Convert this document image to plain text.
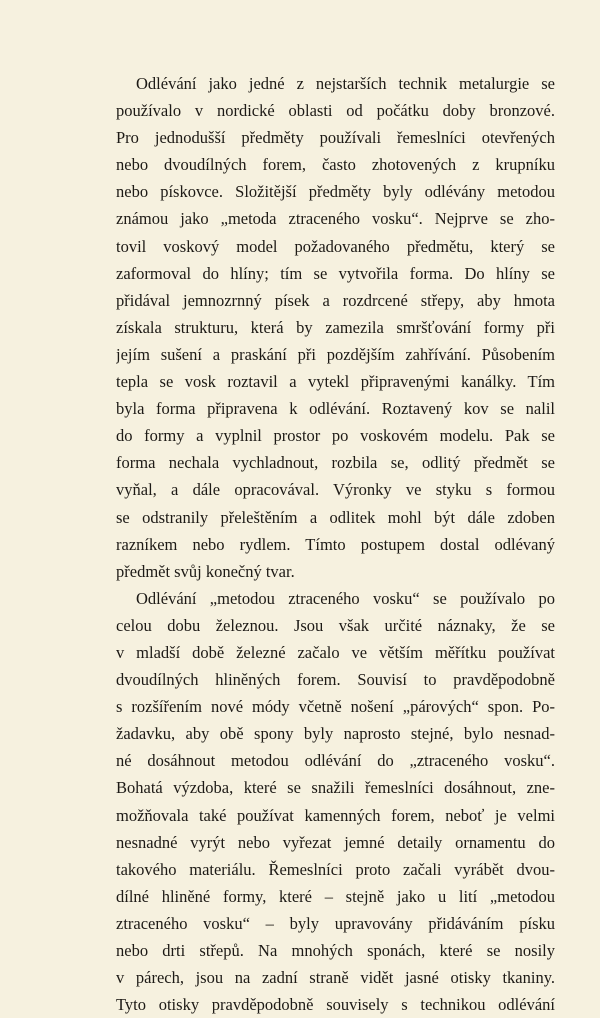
Odlévání jako jedné z nejstarších technik metalurgie se
používalo v nordické oblasti od počátku doby bronzové.
Pro jednodušší předměty používali řemeslníci otevřených
nebo dvoudílných forem, často zhotovených z krupníku
nebo pískovce. Složitější předměty byly odlévány metodou
známou jako „metoda ztraceného vosku“. Nejprve se zho-
tovil voskový model požadovaného předmětu, který se
zaformoval do hlíny; tím se vytvořila forma. Do hlíny se
přidával jemnozrnný písek a rozdrcené střepy, aby hmota
získala strukturu, která by zamezila smršťování formy při
jejím sušení a praskání při pozdějším zahřívání. Působením
tepla se vosk roztavil a vytekl připravenými kanálky. Tím
byla forma připravena k odlévání. Roztavený kov se nalil
do formy a vyplnil prostor po voskovém modelu. Pak se
forma nechala vychladnout, rozbila se, odlitý předmět se
vyňal, a dále opracovával. Výronky ve styku s formou
se odstranily přeleštěním a odlitek mohl být dále zdoben
razníkem nebo rydlem. Tímto postupem dostal odlévaný
předmět svůj konečný tvar.
Odlévání „metodou ztraceného vosku“ se používalo po
celou dobu železnou. Jsou však určité náznaky, že se
v mladší době železné začalo ve větším měřítku používat
dvoudílných hliněných forem. Souvisí to pravděpodobně
s rozšířením nové módy včetně nošení „párových“ spon. Po-
žadavku, aby obě spony byly naprosto stejné, bylo nesnad-
né dosáhnout metodou odlévání do „ztraceného vosku“.
Bohatá výzdoba, které se snažili řemeslníci dosáhnout, zne-
možňovala také používat kamenných forem, neboť je velmi
nesnadné vyrýt nebo vyřezat jemné detaily ornamentu do
takového materiálu. Řemeslníci proto začali vyrábět dvou-
dílné hliněné formy, které – stejně jako u lití „metodou
ztraceného vosku“ – byly upravovány přidáváním písku
nebo drti střepů. Na mnohých sponách, které se nosily
v párech, jsou na zadní straně vidět jasné otisky tkaniny.
Tyto otisky pravděpodobně souvisely s technikou odlévání
